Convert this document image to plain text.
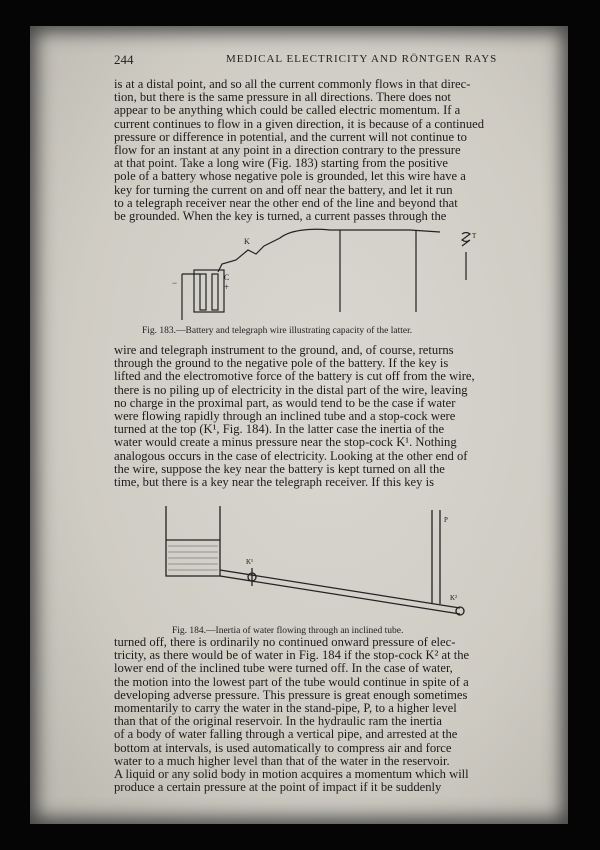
244	MEDICAL ELECTRICITY AND RÖNTGEN RAYS
is at a distal point, and so all the current commonly flows in that direc-
tion, but there is the same pressure in all directions. There does not
appear to be anything which could be called electric momentum. If a
current continues to flow in a given direction, it is because of a continued
pressure or difference in potential, and the current will not continue to
flow for an instant at any point in a direction contrary to the pressure
at that point. Take a long wire (Fig. 183) starting from the positive
pole of a battery whose negative pole is grounded, let this wire have a
key for turning the current on and off near the battery, and let it run
to a telegraph receiver near the other end of the line and beyond that
be grounded. When the key is turned, a current passes through the
K
−
C
+
T
Fig. 183.—Battery and telegraph wire illustrating capacity of the latter.
wire and telegraph instrument to the ground, and, of course, returns
through the ground to the negative pole of the battery. If the key is
lifted and the electromotive force of the battery is cut off from the wire,
there is no piling up of electricity in the distal part of the wire, leaving
no charge in the proximal part, as would tend to be the case if water
were flowing rapidly through an inclined tube and a stop-cock were
turned at the top (K¹, Fig. 184). In the latter case the inertia of the
water would create a minus pressure near the stop-cock K¹. Nothing
analogous occurs in the case of electricity. Looking at the other end of
the wire, suppose the key near the battery is kept turned on all the
time, but there is a key near the telegraph receiver. If this key is
K¹
K²
P
Fig. 184.—Inertia of water flowing through an inclined tube.
turned off, there is ordinarily no continued onward pressure of elec-
tricity, as there would be of water in Fig. 184 if the stop-cock K² at the
lower end of the inclined tube were turned off. In the case of water,
the motion into the lowest part of the tube would continue in spite of a
developing adverse pressure. This pressure is great enough sometimes
momentarily to carry the water in the stand-pipe, P, to a higher level
than that of the original reservoir. In the hydraulic ram the inertia
of a body of water falling through a vertical pipe, and arrested at the
bottom at intervals, is used automatically to compress air and force
water to a much higher level than that of the water in the reservoir.
A liquid or any solid body in motion acquires a momentum which will
produce a certain pressure at the point of impact if it be suddenly
